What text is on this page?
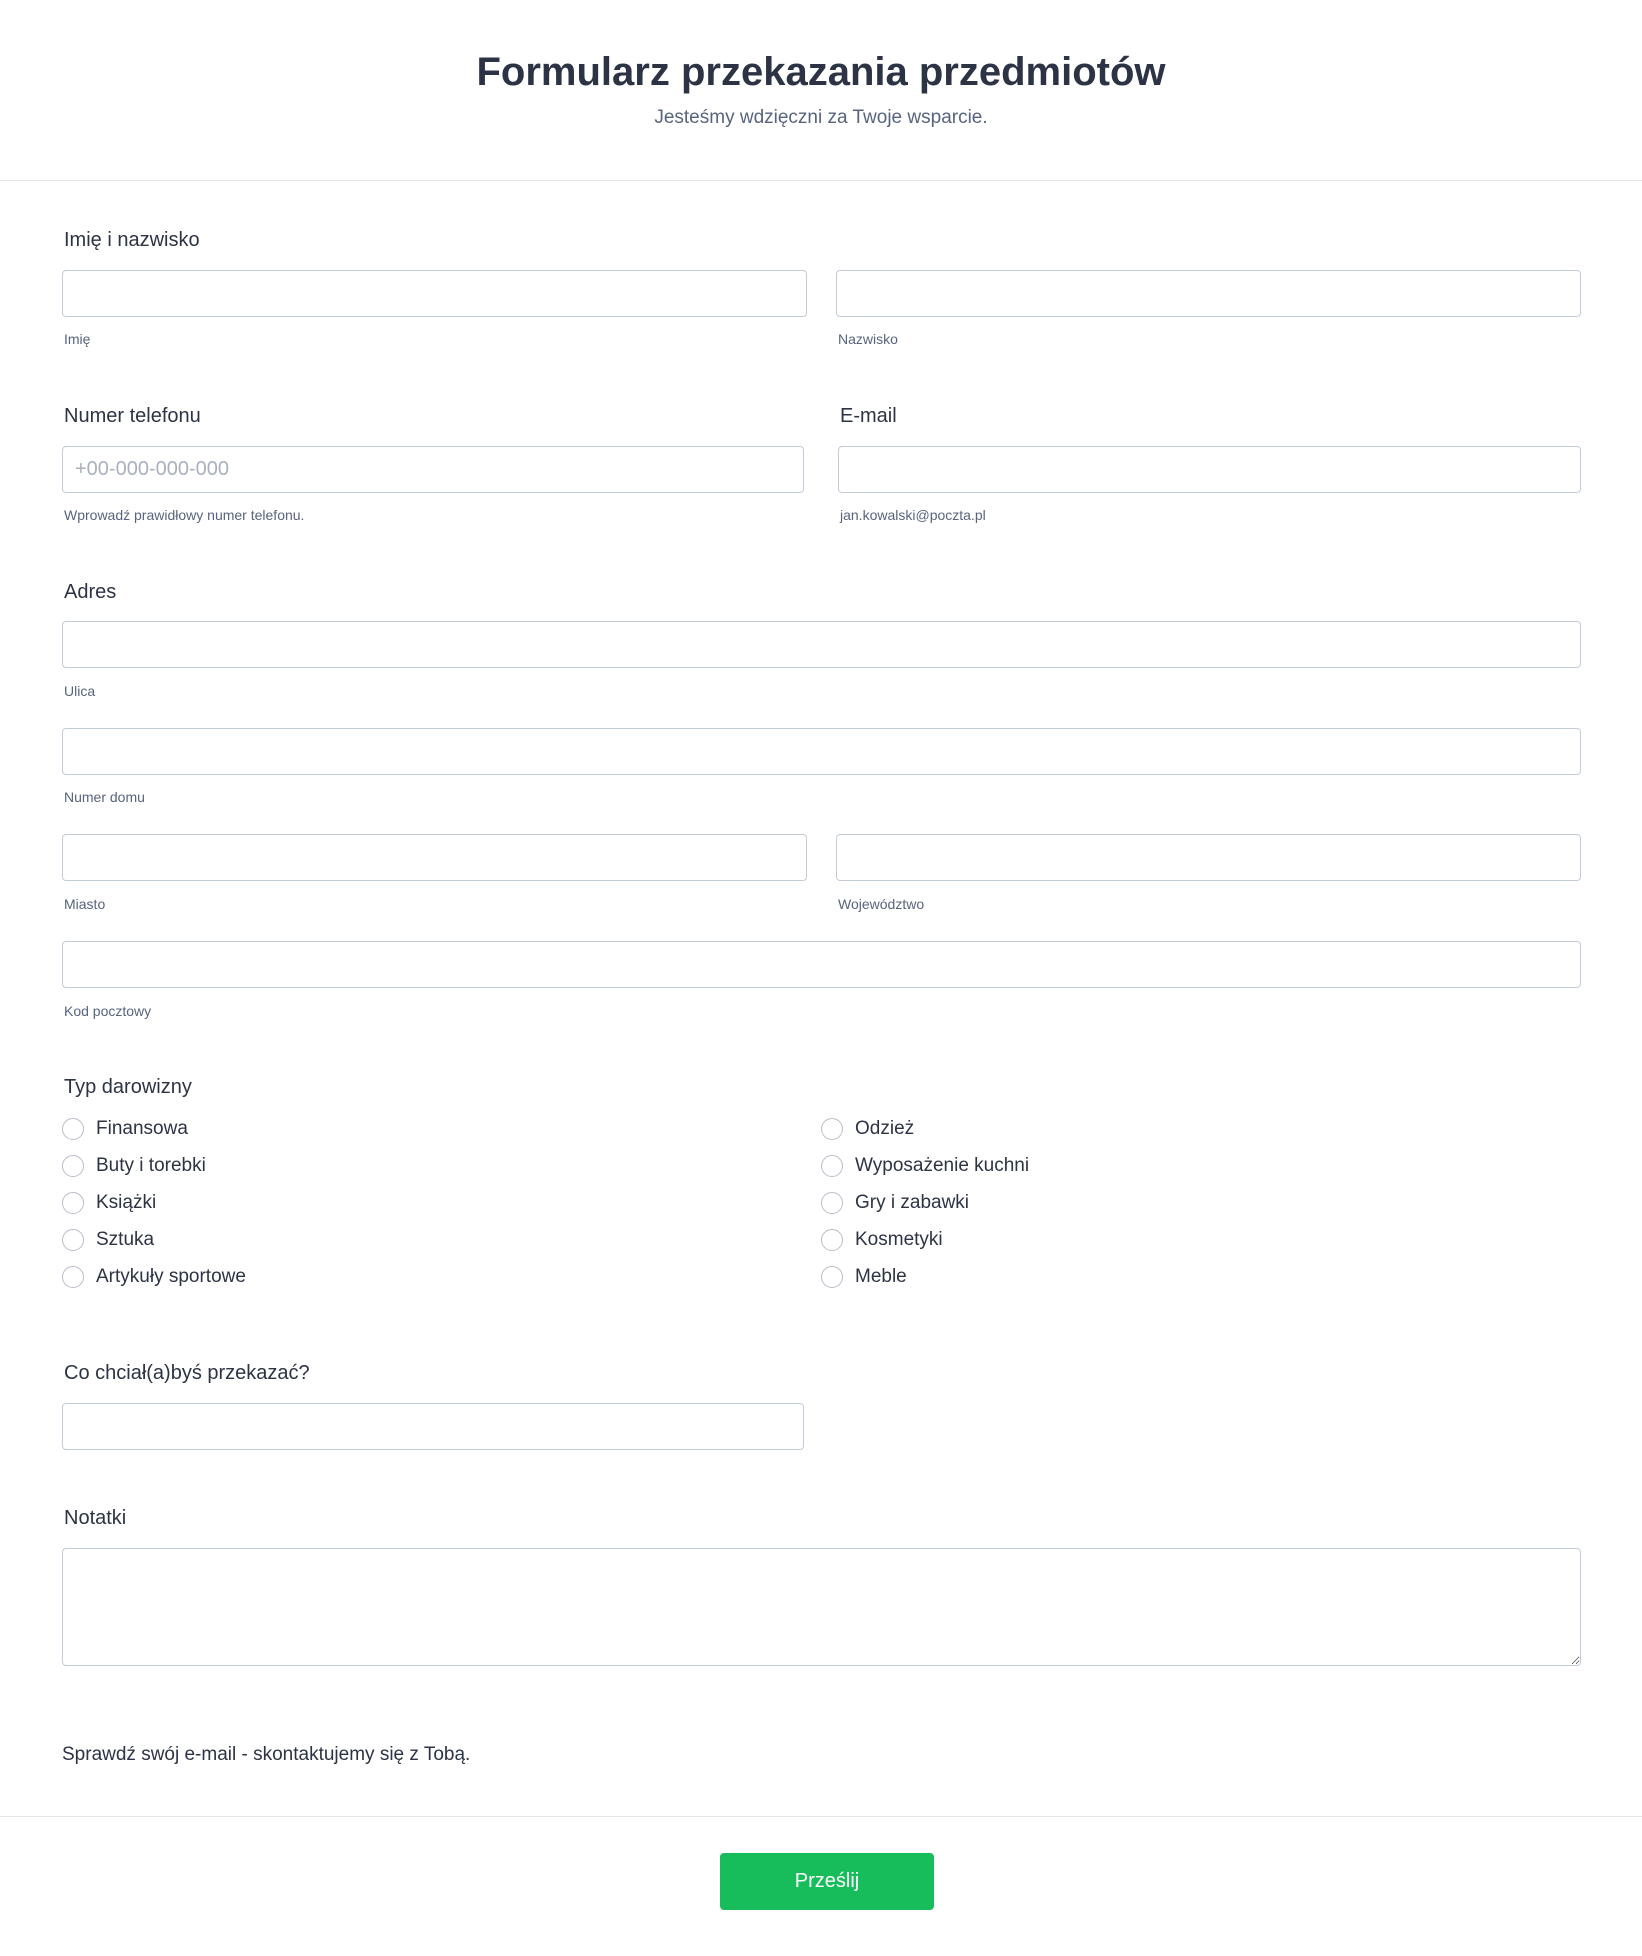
Formularz przekazania przedmiotów
Jesteśmy wdzięczni za Twoje wsparcie.
Imię i nazwisko
Imię	Nazwisko
Numer telefonu	E-mail
+00-000-000-000
Wprowadź prawidłowy numer telefonu.	jan.kowalski@poczta.pl
Adres
Ulica
Numer domu
Miasto	Województwo
Kod pocztowy
Typ darowizny
Finansowa
Buty i torebki
Książki
Sztuka
Artykuły sportowe
Odzież
Wyposażenie kuchni
Gry i zabawki
Kosmetyki
Meble
Co chciał(a)byś przekazać?
Notatki
Sprawdź swój e-mail - skontaktujemy się z Tobą.
Prześlij
